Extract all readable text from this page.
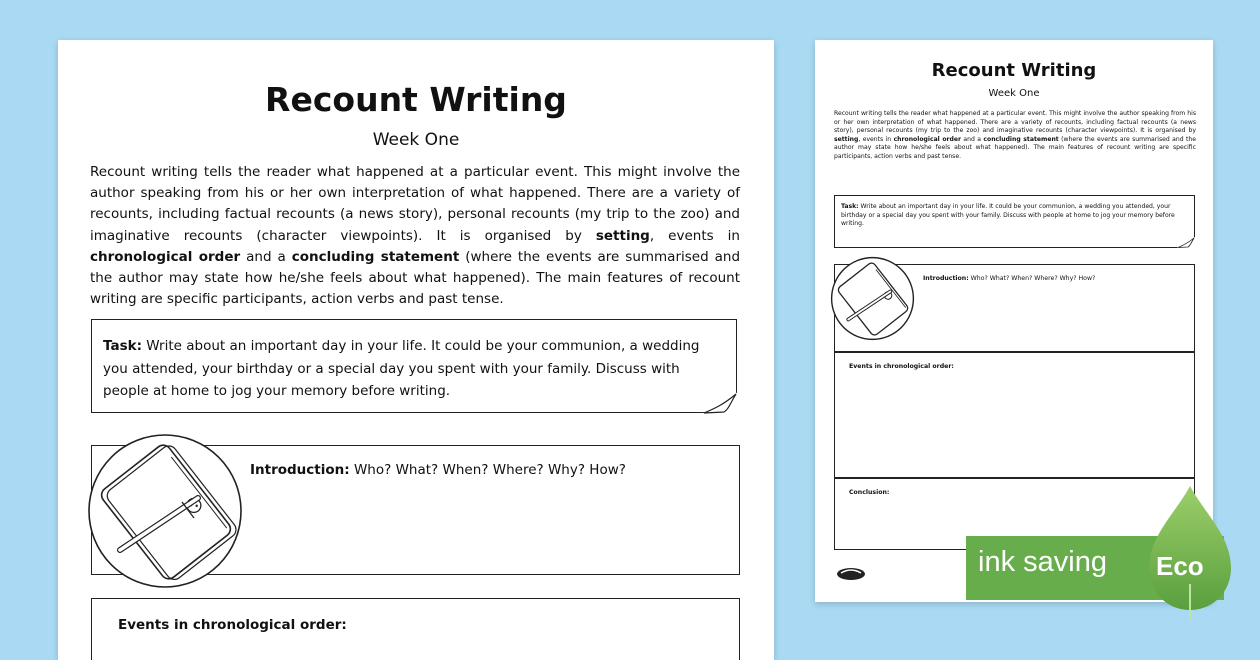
Recount Writing
Week One
Recount writing tells the reader what happened at a particular event. This might involve the author speaking from his or her own interpretation of what happened. There are a variety of recounts, including factual recounts (a news story), personal recounts (my trip to the zoo) and imaginative recounts (character viewpoints). It is organised by setting, events in chronological order and a concluding statement (where the events are summarised and the author may state how he/she feels about what happened). The main features of recount writing are specific participants, action verbs and past tense.
Task: Write about an important day in your life. It could be your communion, a wedding you attended, your birthday or a special day you spent with your family. Discuss with people at home to jog your memory before writing.
Introduction: Who? What? When? Where? Why? How?
Events in chronological order:
Recount Writing
Week One
Recount writing tells the reader what happened at a particular event. This might involve the author speaking from his or her own interpretation of what happened. There are a variety of recounts, including factual recounts (a news story), personal recounts (my trip to the zoo) and imaginative recounts (character viewpoints). It is organised by setting, events in chronological order and a concluding statement (where the events are summarised and the author may state how he/she feels about what happened). The main features of recount writing are specific participants, action verbs and past tense.
Task: Write about an important day in your life. It could be your communion, a wedding you attended, your birthday or a special day you spent with your family. Discuss with people at home to jog your memory before writing.
Introduction: Who? What? When? Where? Why? How?
Events in chronological order:
Conclusion:
ink saving Eco
